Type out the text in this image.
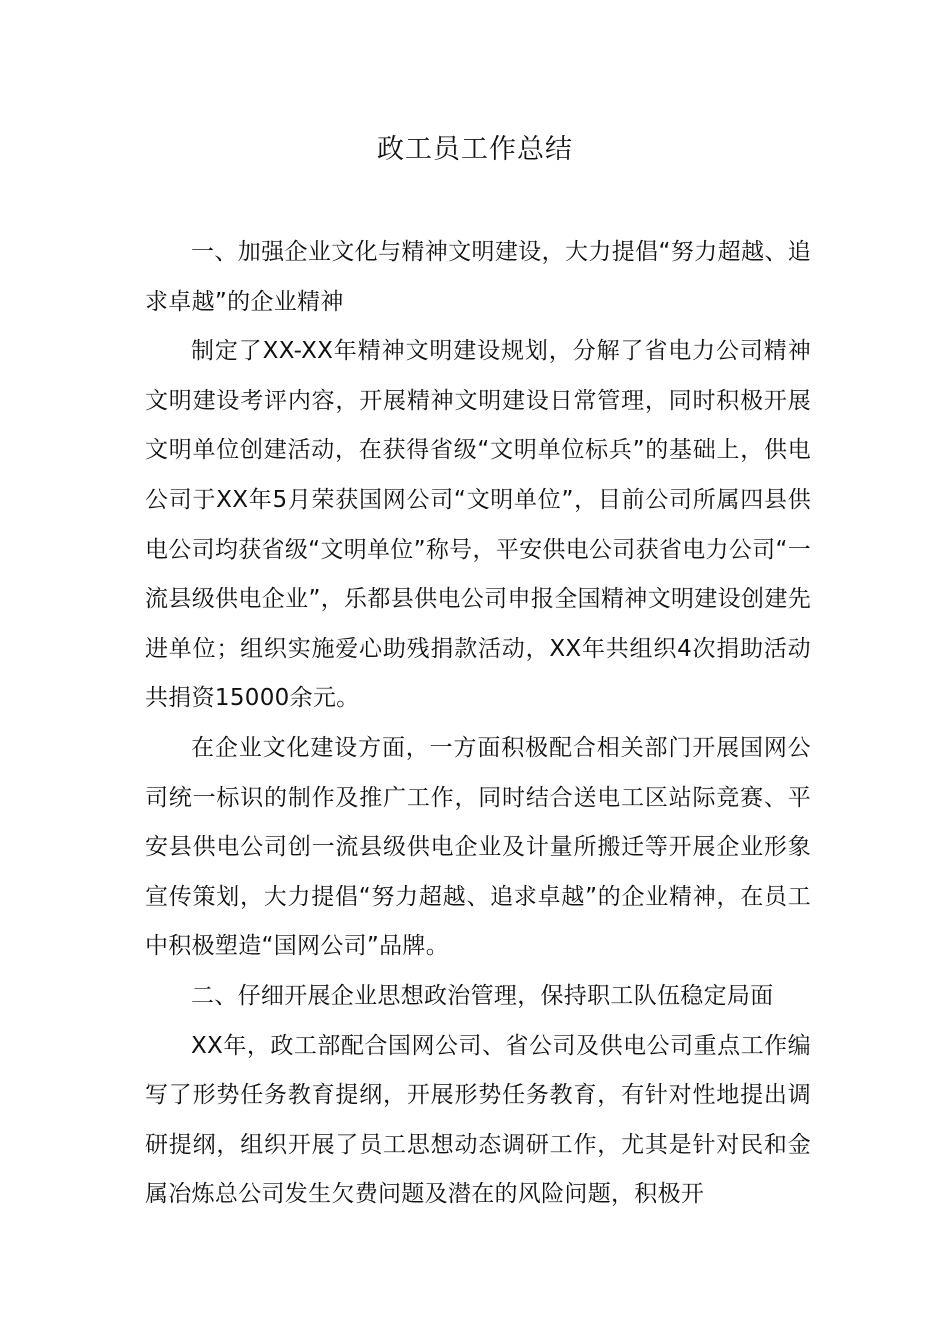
政工员工作总结

一、加强企业文化与精神文明建设，大力提倡“努力超越、追求卓越”的企业精神

制定了XX-XX年精神文明建设规划，分解了省电力公司精神文明建设考评内容，开展精神文明建设日常管理，同时积极开展文明单位创建活动，在获得省级“文明单位标兵”的基础上，供电公司于XX年5月荣获国网公司“文明单位”，目前公司所属四县供电公司均获省级“文明单位”称号，平安供电公司获省电力公司“一流县级供电企业”，乐都县供电公司申报全国精神文明建设创建先进单位；组织实施爱心助残捐款活动，XX年共组织4次捐助活动共捐资15000余元。

在企业文化建设方面，一方面积极配合相关部门开展国网公司统一标识的制作及推广工作，同时结合送电工区站际竞赛、平安县供电公司创一流县级供电企业及计量所搬迁等开展企业形象宣传策划，大力提倡“努力超越、追求卓越”的企业精神，在员工中积极塑造“国网公司”品牌。

二、仔细开展企业思想政治管理，保持职工队伍稳定局面

XX年，政工部配合国网公司、省公司及供电公司重点工作编写了形势任务教育提纲，开展形势任务教育，有针对性地提出调研提纲，组织开展了员工思想动态调研工作，尤其是针对民和金属冶炼总公司发生欠费问题及潜在的风险问题，积极开
